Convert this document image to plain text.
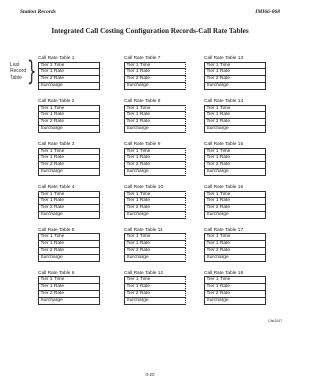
Station Records	IMI66-068
Integrated Call Costing Configuration Records-Call Rate Tables
Last
Record
Table } Call Rate Table 1
Tier 1 Time
Tier 1 Rate
Tier 2 Rate
Surcharge
Call Rate Table 2
Tier 1 Time
Tier 1 Rate
Tier 2 Rate
Surcharge
Call Rate Table 3
Tier 1 Time
Tier 1 Rate
Tier 2 Rate
Surcharge
Call Rate Table 4
Tier 1 Time
Tier 1 Rate
Tier 2 Rate
Surcharge
Call Rate Table 5
Tier 1 Time
Tier 1 Rate
Tier 2 Rate
Surcharge
Call Rate Table 6
Tier 1 Time
Tier 1 Rate
Tier 2 Rate
Surcharge
Call Rate Table 7
Tier 1 Time
Tier 1 Rate
Tier 2 Rate
Surcharge
Call Rate Table 8
Tier 1 Time
Tier 1 Rate
Tier 2 Rate
Surcharge
Call Rate Table 9
Tier 1 Time
Tier 1 Rate
Tier 2 Rate
Surcharge
Call Rate Table 10
Tier 1 Time
Tier 1 Rate
Tier 2 Rate
Surcharge
Call Rate Table 11
Tier 1 Time
Tier 1 Rate
Tier 2 Rate
Surcharge
Call Rate Table 12
Tier 1 Time
Tier 1 Rate
Tier 2 Rate
Surcharge
Call Rate Table 13
Tier 1 Time
Tier 1 Rate
Tier 2 Rate
Surcharge
Call Rate Table 14
Tier 1 Time
Tier 1 Rate
Tier 2 Rate
Surcharge
Call Rate Table 15
Tier 1 Time
Tier 1 Rate
Tier 2 Rate
Surcharge
Call Rate Table 16
Tier 1 Time
Tier 1 Rate
Tier 2 Rate
Surcharge
Call Rate Table 17
Tier 1 Time
Tier 1 Rate
Tier 2 Rate
Surcharge
Call Rate Table 18
Tier 1 Time
Tier 1 Rate
Tier 2 Rate
Surcharge
CfsIJ047
4-20
